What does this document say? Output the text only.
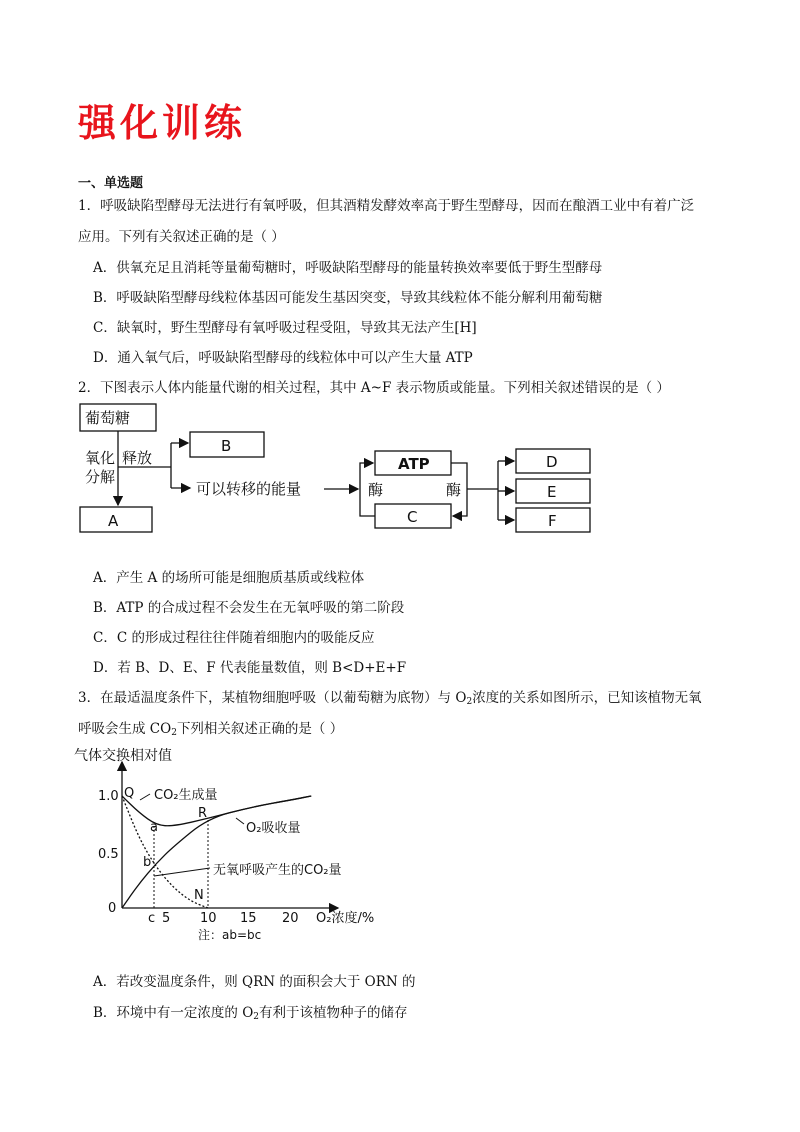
强化训练
一、单选题
1．呼吸缺陷型酵母无法进行有氧呼吸，但其酒精发酵效率高于野生型酵母，因而在酿酒工业中有着广泛
应用。下列有关叙述正确的是（ ）
A．供氧充足且消耗等量葡萄糖时，呼吸缺陷型酵母的能量转换效率要低于野生型酵母
B．呼吸缺陷型酵母线粒体基因可能发生基因突变，导致其线粒体不能分解利用葡萄糖
C．缺氧时，野生型酵母有氧呼吸过程受阻，导致其无法产生[H]
D．通入氧气后，呼吸缺陷型酵母的线粒体中可以产生大量 ATP
2．下图表示人体内能量代谢的相关过程，其中 A~F 表示物质或能量。下列相关叙述错误的是（ ）
葡萄糖
氧化
分解
释放
B
A
可以转移的能量
ATP
C
酶	酶
D
E
F
A．产生 A 的场所可能是细胞质基质或线粒体
B．ATP 的合成过程不会发生在无氧呼吸的第二阶段
C．C 的形成过程往往伴随着细胞内的吸能反应
D．若 B、D、E、F 代表能量数值，则 B<D+E+F
3．在最适温度条件下，某植物细胞呼吸（以葡萄糖为底物）与 $O_2$浓度的关系如图所示，已知该植物无氧
呼吸会生成 $CO_2$下列相关叙述正确的是（ ）
气体交换相对值
1.0
0.5
0
c 5 10 15 20 O₂浓度/%
注：ab=bc
CO₂生成量
O₂吸收量
无氧呼吸产生的CO₂量
Q
a
R
b
N
A．若改变温度条件，则 QRN 的面积会大于 ORN 的
B．环境中有一定浓度的 $O_2$有利于该植物种子的储存
